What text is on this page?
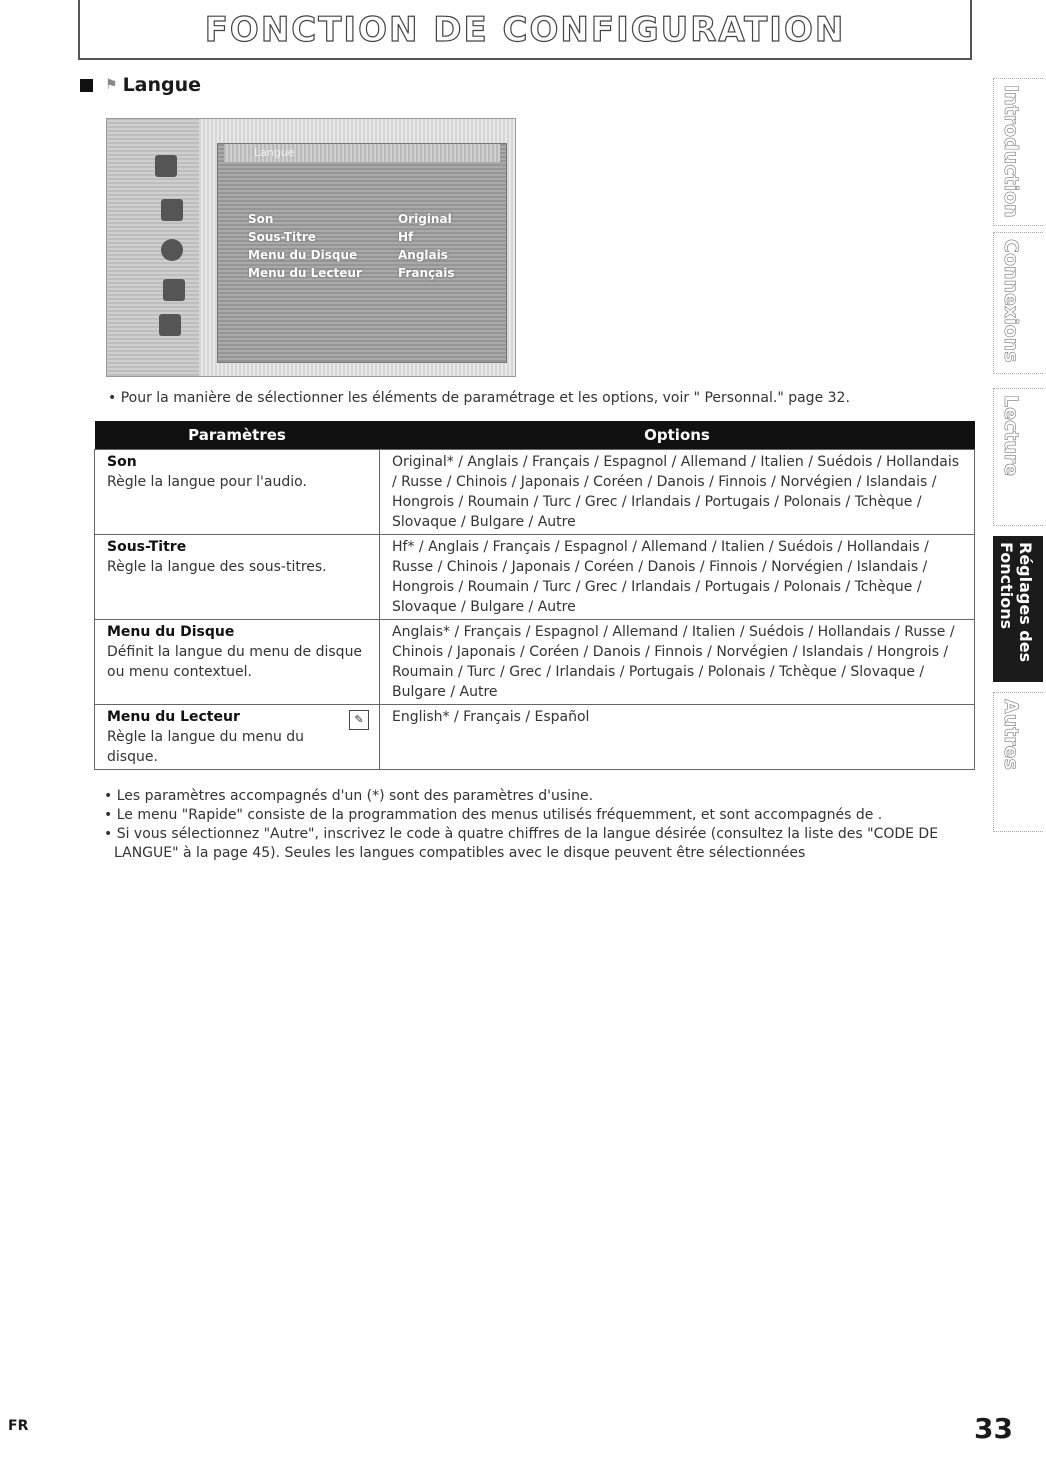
FONCTION DE CONFIGURATION
⚑ Langue
Langue
Son	Original
Sous-Titre	Hf
Menu du Disque	Anglais
Menu du Lecteur	Français
• Pour la manière de sélectionner les éléments de paramétrage et les options, voir " Personnal." page 32.
Paramètres	Options

Son
Règle la langue pour l'audio.	Original* / Anglais / Français / Espagnol / Allemand / Italien / Suédois / Hollandais / Russe / Chinois / Japonais / Coréen / Danois / Finnois / Norvégien / Islandais / Hongrois / Roumain / Turc / Grec / Irlandais / Portugais / Polonais / Tchèque / Slovaque / Bulgare / Autre

Sous-Titre
Règle la langue des sous-titres.	Hf* / Anglais / Français / Espagnol / Allemand / Italien / Suédois / Hollandais / Russe / Chinois / Japonais / Coréen / Danois / Finnois / Norvégien / Islandais / Hongrois / Roumain / Turc / Grec / Irlandais / Portugais / Polonais / Tchèque / Slovaque / Bulgare / Autre

Menu du Disque
Définit la langue du menu de disque ou menu contextuel.	Anglais* / Français / Espagnol / Allemand / Italien / Suédois / Hollandais / Russe / Chinois / Japonais / Coréen / Danois / Finnois / Norvégien / Islandais / Hongrois / Roumain / Turc / Grec / Irlandais / Portugais / Polonais / Tchèque / Slovaque / Bulgare / Autre

✎
Menu du Lecteur
Règle la langue du menu du disque.	English* / Français / Español
• Les paramètres accompagnés d'un (*) sont des paramètres d'usine.
• Le menu "Rapide" consiste de la programmation des menus utilisés fréquemment, et sont accompagnés de .
• Si vous sélectionnez "Autre", inscrivez le code à quatre chiffres de la langue désirée (consultez la liste des "CODE DE LANGUE" à la page 45). Seules les langues compatibles avec le disque peuvent être sélectionnées
Introduction
Connexions
Lecture
Réglages des Fonctions
Autres
FR	33
